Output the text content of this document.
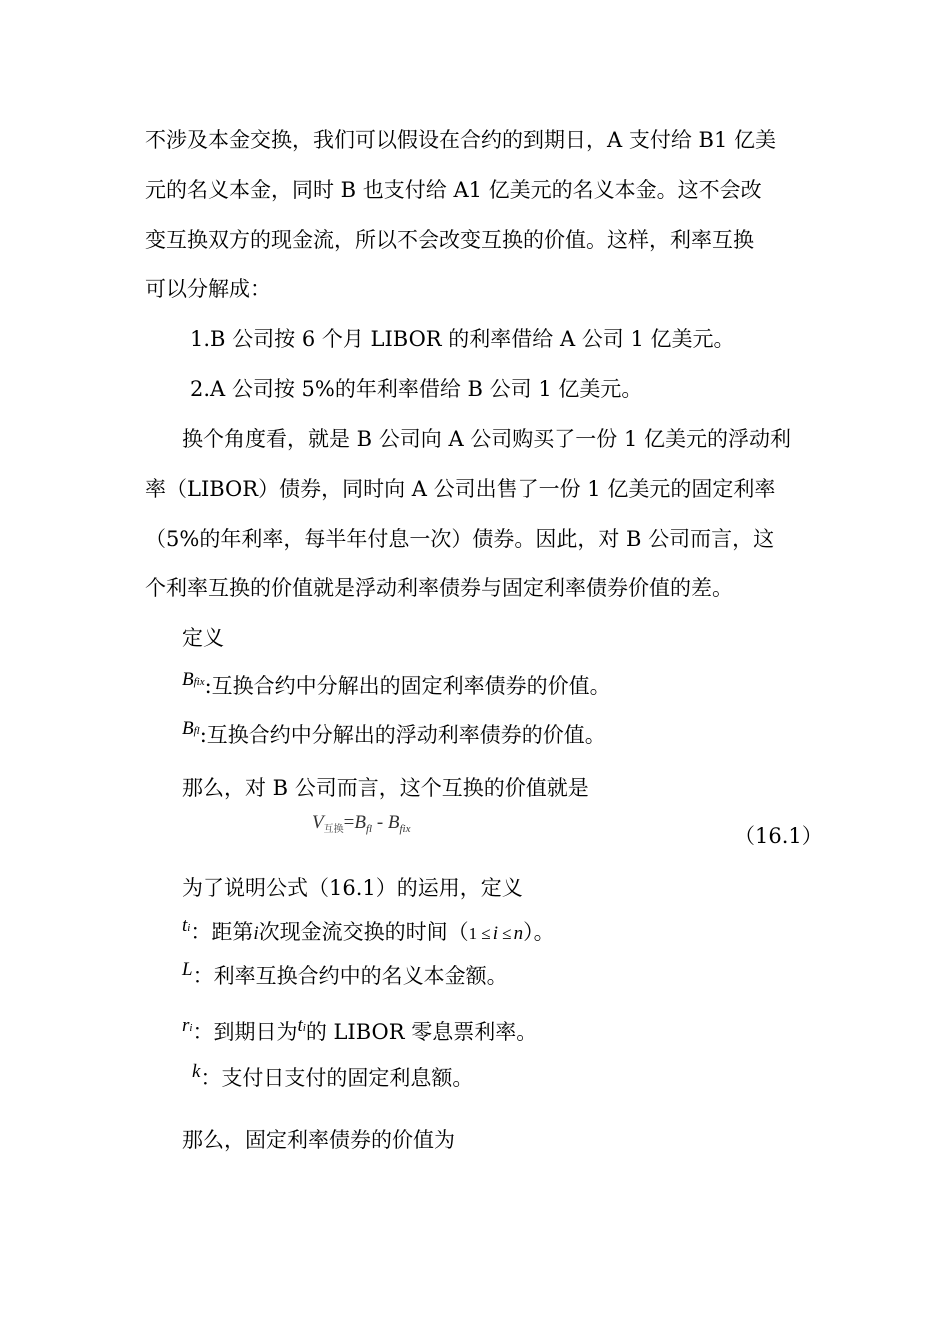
不涉及本金交换，我们可以假设在合约的到期日，A 支付给 B1 亿美
元的名义本金，同时 B 也支付给 A1 亿美元的名义本金。这不会改
变互换双方的现金流，所以不会改变互换的价值。这样，利率互换
可以分解成：
1.B 公司按 6 个月 LIBOR 的利率借给 A 公司 1 亿美元。
2.A 公司按 5%的年利率借给 B 公司 1 亿美元。
换个角度看，就是 B 公司向 A 公司购买了一份 1 亿美元的浮动利
率（LIBOR）债券，同时向 A 公司出售了一份 1 亿美元的固定利率
（5%的年利率，每半年付息一次）债券。因此，对 B 公司而言，这
个利率互换的价值就是浮动利率债券与固定利率债券价值的差。
定义
$B^{fix}$:互换合约中分解出的固定利率债券的价值。
$B^{fl}$:互换合约中分解出的浮动利率债券的价值。
那么，对 B 公司而言，这个互换的价值就是
$V_{互换}=B_{fl} - B_{fix}$	（16.1）
为了说明公式（16.1）的运用，定义
$t^i$：距第i次现金流交换的时间（1 ≤ i ≤ n）。
L：利率互换合约中的名义本金额。
$r^i$：到期日为$t^i$的 LIBOR 零息票利率。
k：支付日支付的固定利息额。
那么，固定利率债券的价值为
